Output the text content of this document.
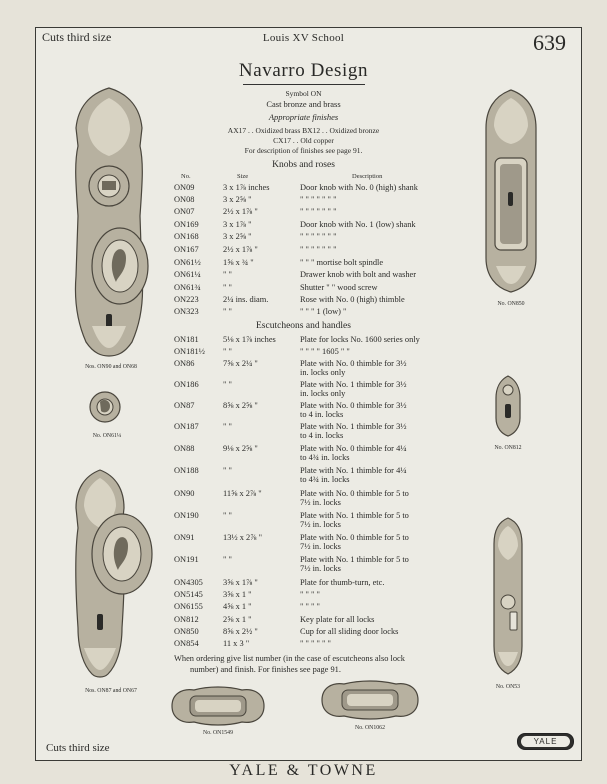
Cuts third size	Louis XV School	639
Navarro Design
Symbol ON
Cast bronze and brass
Appropriate finishes
AX17 . . Oxidized brass BX12 . . Oxidized bronze
CX17 . . Old copper
For description of finishes see page 91.
Knobs and roses
No.	Size	Description
ON09	3 x 1⅞ inches	Door knob with No. 0 (high) shank
ON08	3 x 2⅝ "	" " " " " " "
ON07	2½ x 1⅞ "	" " " " " " "
ON169	3 x 1⅞ "	Door knob with No. 1 (low) shank
ON168	3 x 2⅝ "	" " " " " " "
ON167	2½ x 1⅞ "	" " " " " " "
ON61½	1⅝ x ¾ "	" " " mortise bolt spindle
ON61¼	" "	Drawer knob with bolt and washer
ON61¾	" "	Shutter " " wood screw
ON223	2¼ ins. diam.	Rose with No. 0 (high) thimble
ON323	" "	" " " 1 (low) "
Escutcheons and handles
ON181	5⅛ x 1⅞ inches	Plate for locks No. 1600 series only
ON181½ " "	" " " " 1605 " "
ON86	7⅝ x 2¼ "	Plate with No. 0 thimble for 3½
in. locks only
ON186	" "	Plate with No. 1 thimble for 3½
in. locks only
ON87	8⅝ x 2⅝ "	Plate with No. 0 thimble for 3½
to 4 in. locks
ON187	" "	Plate with No. 1 thimble for 3½
to 4 in. locks
ON88	9⅛ x 2⅝ "	Plate with No. 0 thimble for 4¼
to 4¾ in. locks
ON188	" "	Plate with No. 1 thimble for 4¼
to 4¾ in. locks
ON90	11⅝ x 2⅞ "	Plate with No. 0 thimble for 5 to
7½ in. locks
ON190	" "	Plate with No. 1 thimble for 5 to
7½ in. locks
ON91	13½ x 2⅞ "	Plate with No. 0 thimble for 5 to
7½ in. locks
ON191	" "	Plate with No. 1 thimble for 5 to
7½ in. locks
ON4305 3⅝ x 1⅞ "	Plate for thumb-turn, etc.
ON5145 3⅝ x 1 "	" " " "
ON6155 4⅝ x 1 "	" " " "
ON812	2⅝ x 1 "	Key plate for all locks
ON850	8⅝ x 2½ "	Cup for all sliding door locks
ON854	11 x 3 "	" " " " " "
When ordering give list number (in the case of escutcheons also lock
number) and finish. For finishes see page 91.
Nos. ON90 and ON68
No. ON61¼
Nos. ON87 and ON67
No. ON850
No. ON812
No. ON53
No. ON1549
No. ON1062
Cuts third size
YALE
YALE & TOWNE
